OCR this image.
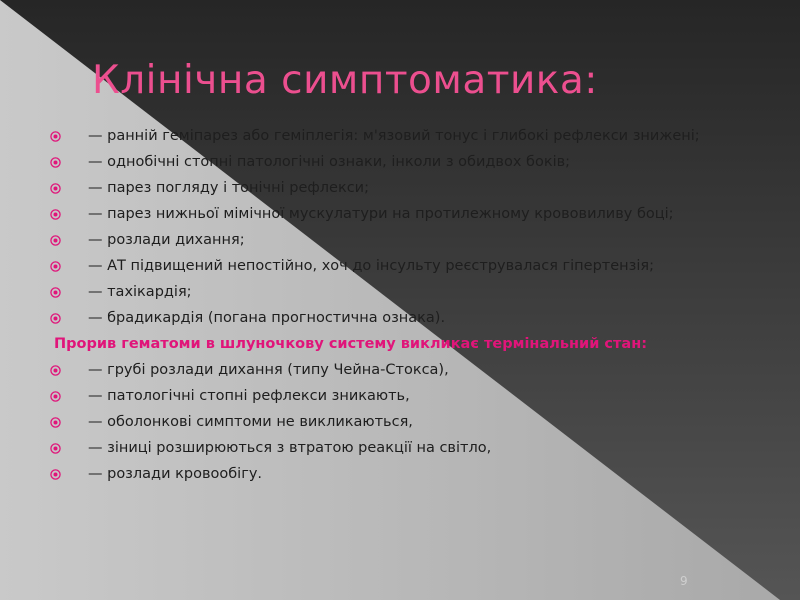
Клінічна симптоматика:
— ранній геміпарез або геміплегія: м'язовий тонус і глибокі рефлекси знижені;
— однобічні стопні патологічні ознаки, інколи з обидвох боків;
— парез погляду і тонічні рефлекси;
— парез нижньої мімічної мускулатури на протилежному крововиливу боці;
— розлади дихання;
— АТ підвищений непостійно, хоч до інсульту реєструвалася гіпертензія;
— тахікардія;
— брадикардія (погана прогностична ознака).
Прорив гематоми в шлуночкову систему викликає термінальний стан:
— грубі розлади дихання (типу Чейна-Стокса),
— патологічні стопні рефлекси зникають,
— оболонкові симптоми не викликаються,
— зіниці розширюються з втратою реакції на світло,
— розлади кровообігу.
9
